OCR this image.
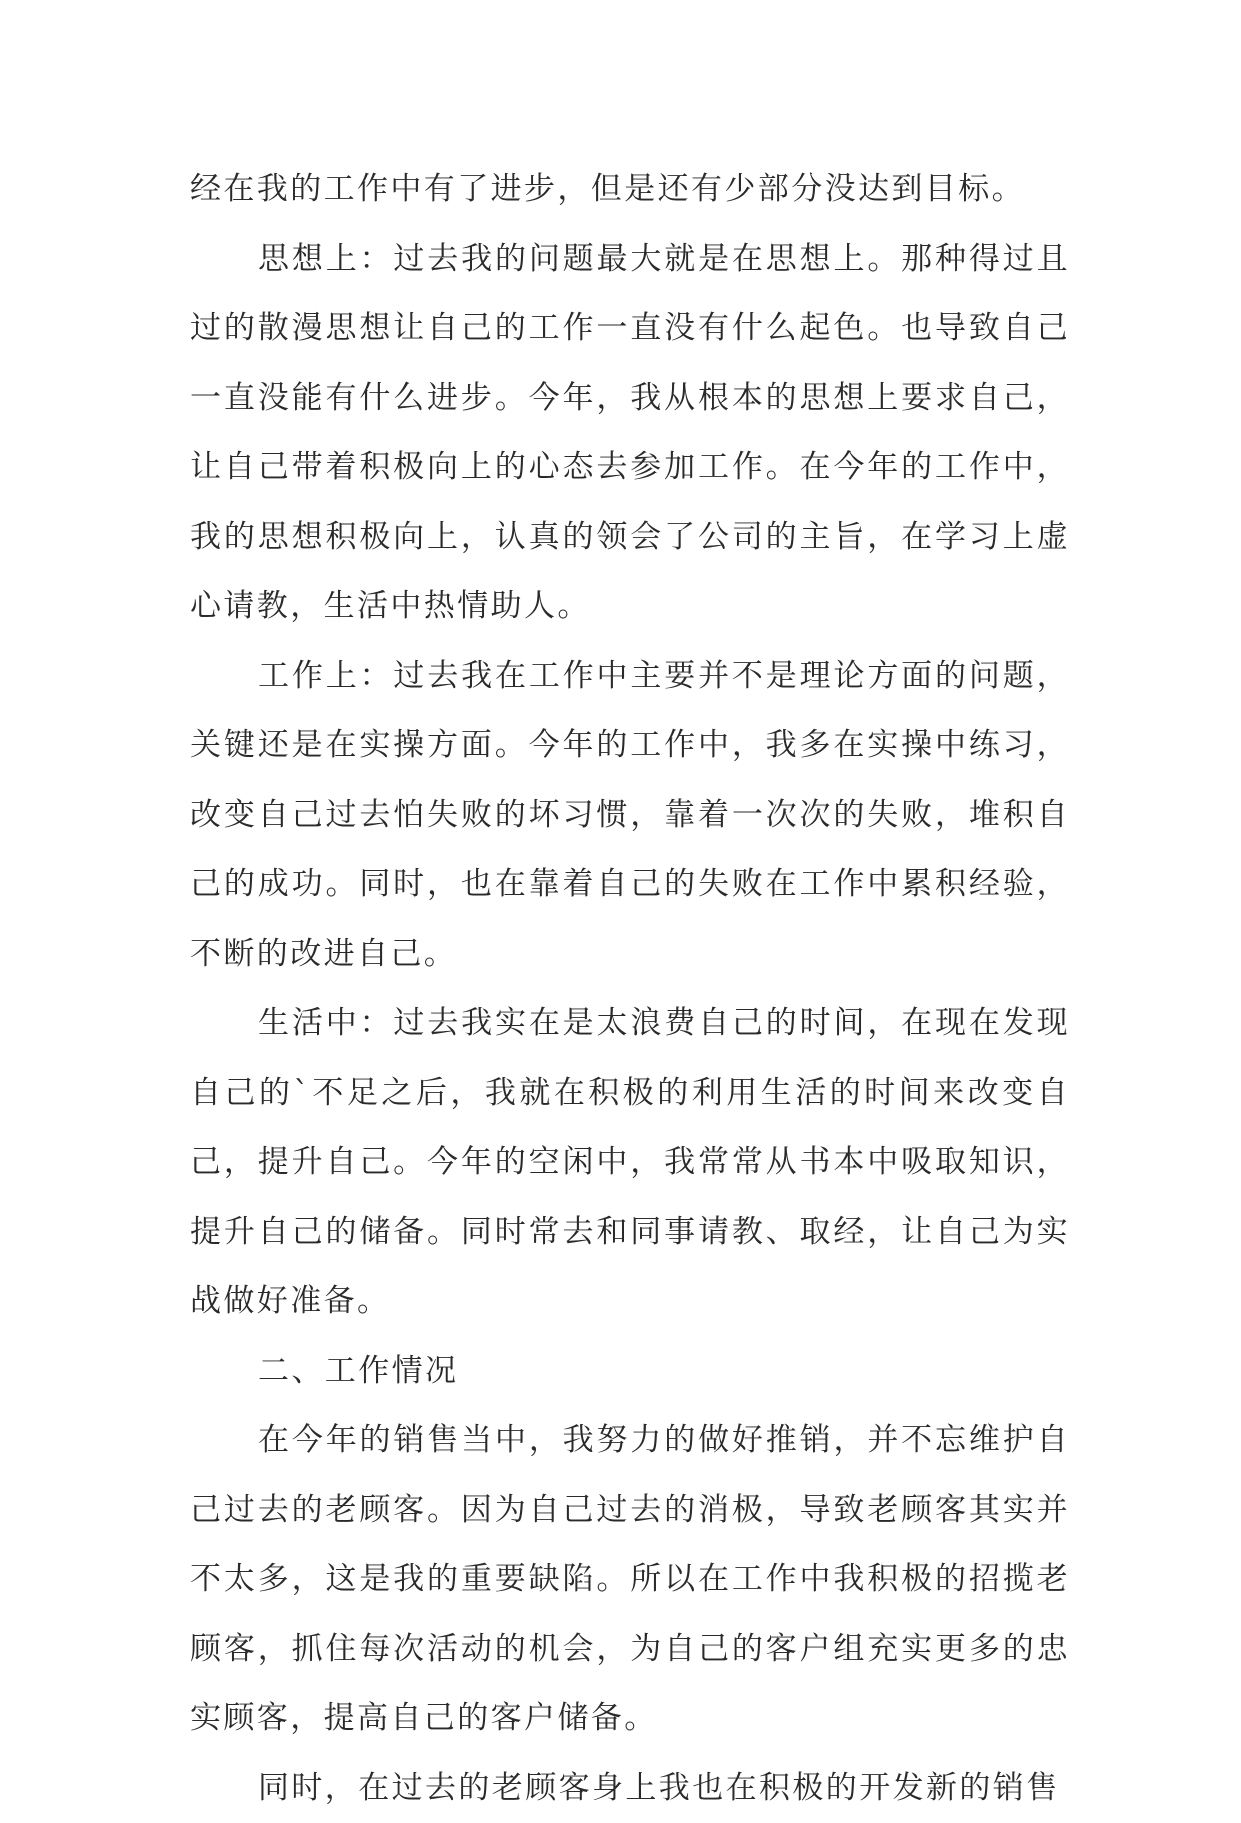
经在我的工作中有了进步，但是还有少部分没达到目标。

思想上：过去我的问题最大就是在思想上。那种得过且过的散漫思想让自己的工作一直没有什么起色。也导致自己一直没能有什么进步。今年，我从根本的思想上要求自己，让自己带着积极向上的心态去参加工作。在今年的工作中，我的思想积极向上，认真的领会了公司的主旨，在学习上虚心请教，生活中热情助人。

工作上：过去我在工作中主要并不是理论方面的问题，关键还是在实操方面。今年的工作中，我多在实操中练习，改变自己过去怕失败的坏习惯，靠着一次次的失败，堆积自己的成功。同时，也在靠着自己的失败在工作中累积经验，不断的改进自己。

生活中：过去我实在是太浪费自己的时间，在现在发现自己的`不足之后，我就在积极的利用生活的时间来改变自己，提升自己。今年的空闲中，我常常从书本中吸取知识，提升自己的储备。同时常去和同事请教、取经，让自己为实战做好准备。

二、工作情况

在今年的销售当中，我努力的做好推销，并不忘维护自己过去的老顾客。因为自己过去的消极，导致老顾客其实并不太多，这是我的重要缺陷。所以在工作中我积极的招揽老顾客，抓住每次活动的机会，为自己的客户组充实更多的忠实顾客，提高自己的客户储备。

同时，在过去的老顾客身上我也在积极的开发新的销售
